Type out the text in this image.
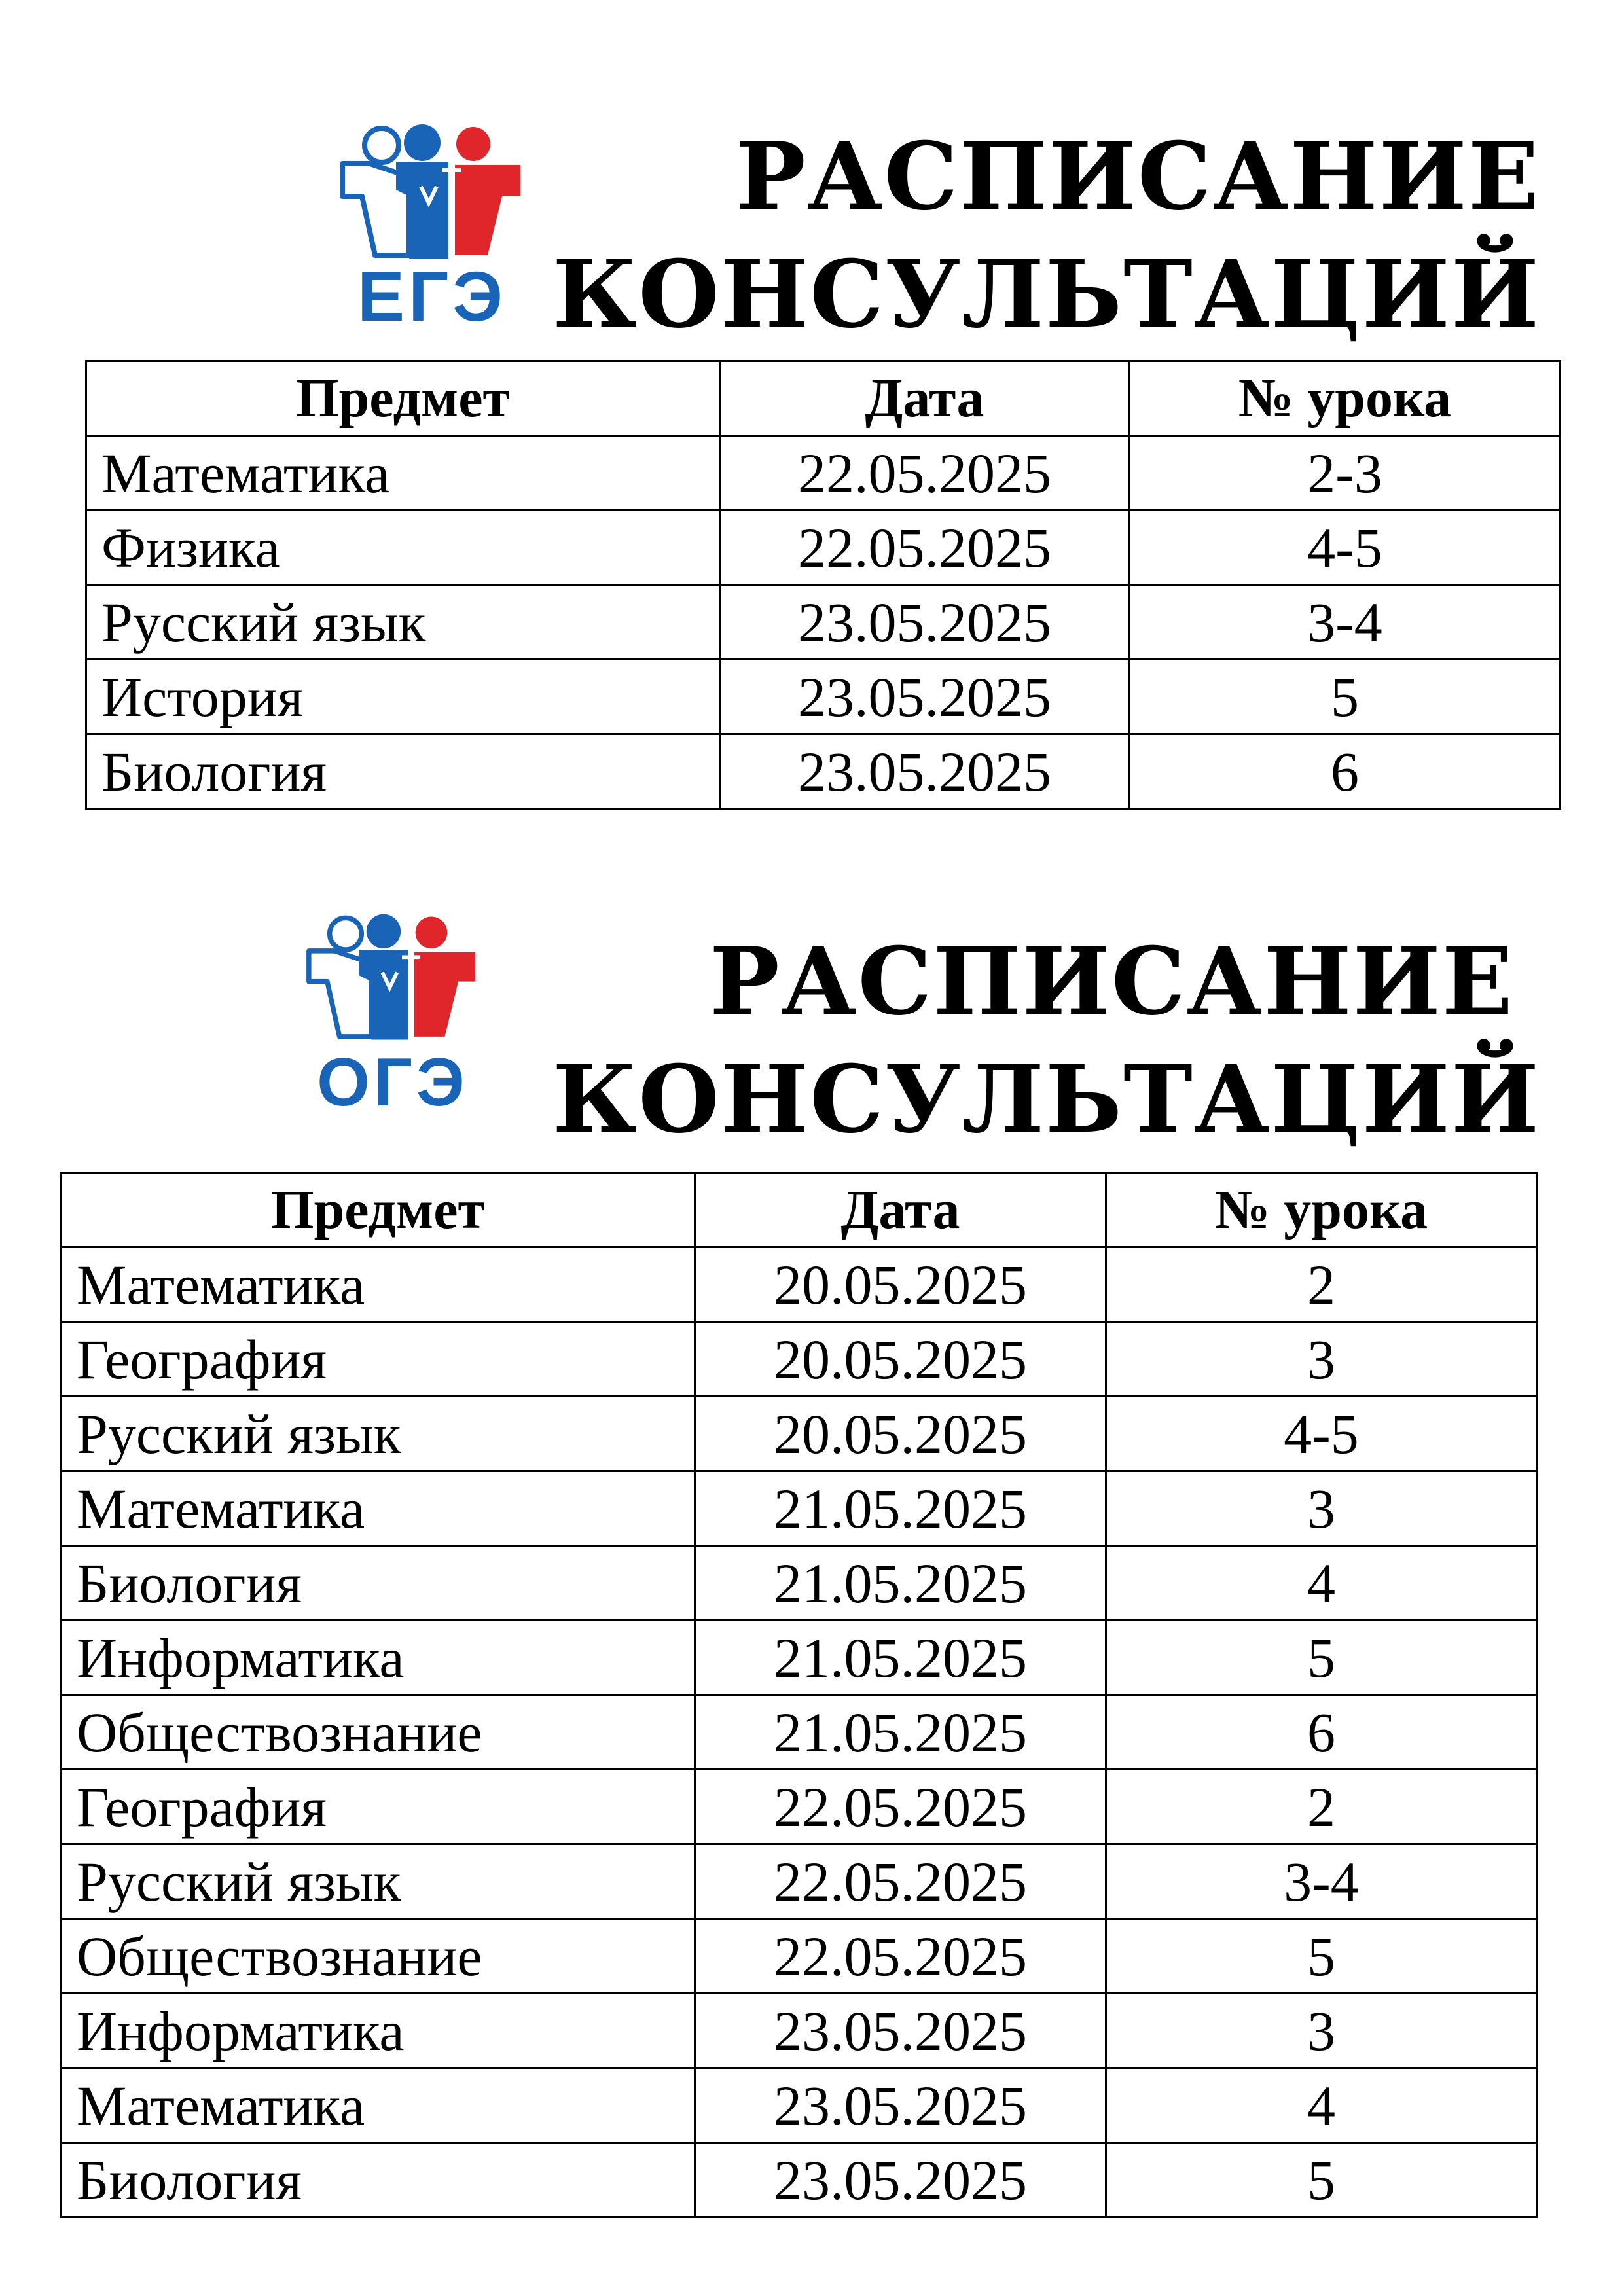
ЕГЭ
РАСПИСАНИЕ
КОНСУЛЬТАЦИЙ
Предмет	Дата	№ урока
Математика	22.05.2025	2-3
Физика	22.05.2025	4-5
Русский язык	23.05.2025	3-4
История	23.05.2025	5
Биология	23.05.2025	6
ОГЭ
РАСПИСАНИЕ
КОНСУЛЬТАЦИЙ
Предмет	Дата	№ урока
Математика	20.05.2025	2
География	20.05.2025	3
Русский язык	20.05.2025	4-5
Математика	21.05.2025	3
Биология	21.05.2025	4
Информатика	21.05.2025	5
Обществознание	21.05.2025	6
География	22.05.2025	2
Русский язык	22.05.2025	3-4
Обществознание	22.05.2025	5
Информатика	23.05.2025	3
Математика	23.05.2025	4
Биология	23.05.2025	5
